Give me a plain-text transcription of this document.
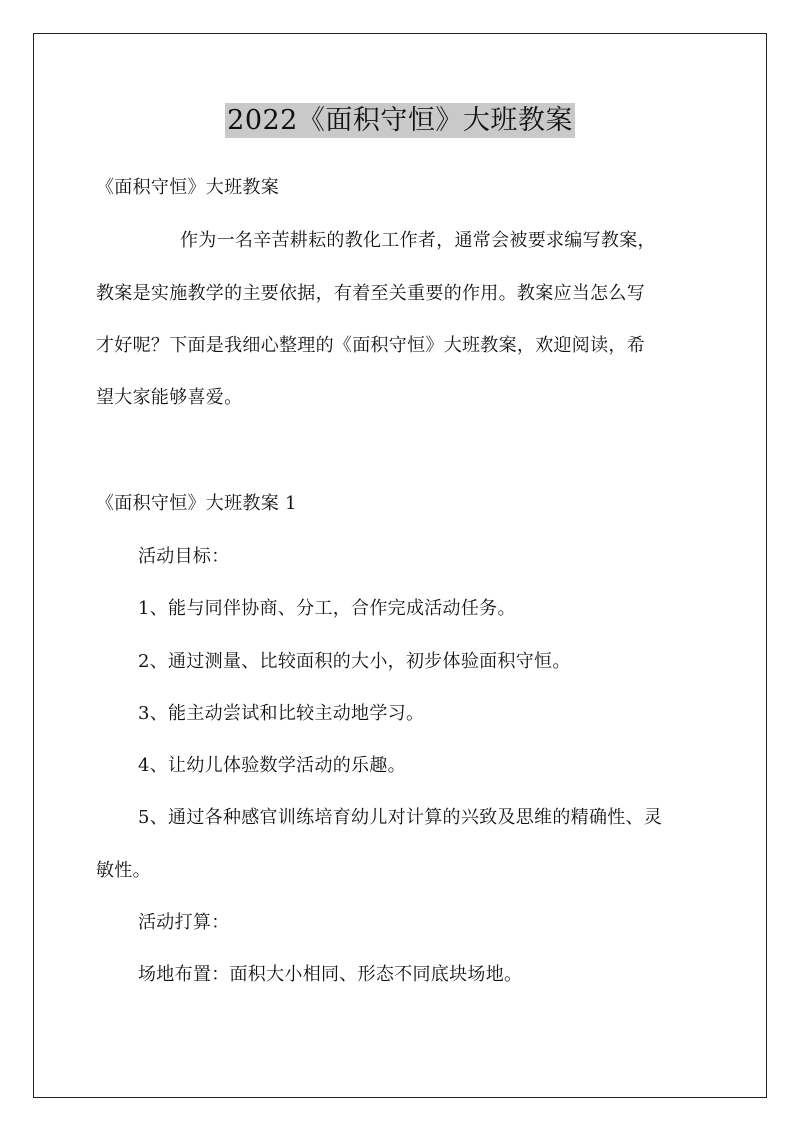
2022《面积守恒》大班教案
《面积守恒》大班教案
作为一名辛苦耕耘的教化工作者，通常会被要求编写教案，
教案是实施教学的主要依据，有着至关重要的作用。教案应当怎么写
才好呢？下面是我细心整理的《面积守恒》大班教案，欢迎阅读，希
望大家能够喜爱。
《面积守恒》大班教案 1
活动目标：
1、能与同伴协商、分工，合作完成活动任务。
2、通过测量、比较面积的大小，初步体验面积守恒。
3、能主动尝试和比较主动地学习。
4、让幼儿体验数学活动的乐趣。
5、通过各种感官训练培育幼儿对计算的兴致及思维的精确性、灵
敏性。
活动打算：
场地布置：面积大小相同、形态不同底块场地。
